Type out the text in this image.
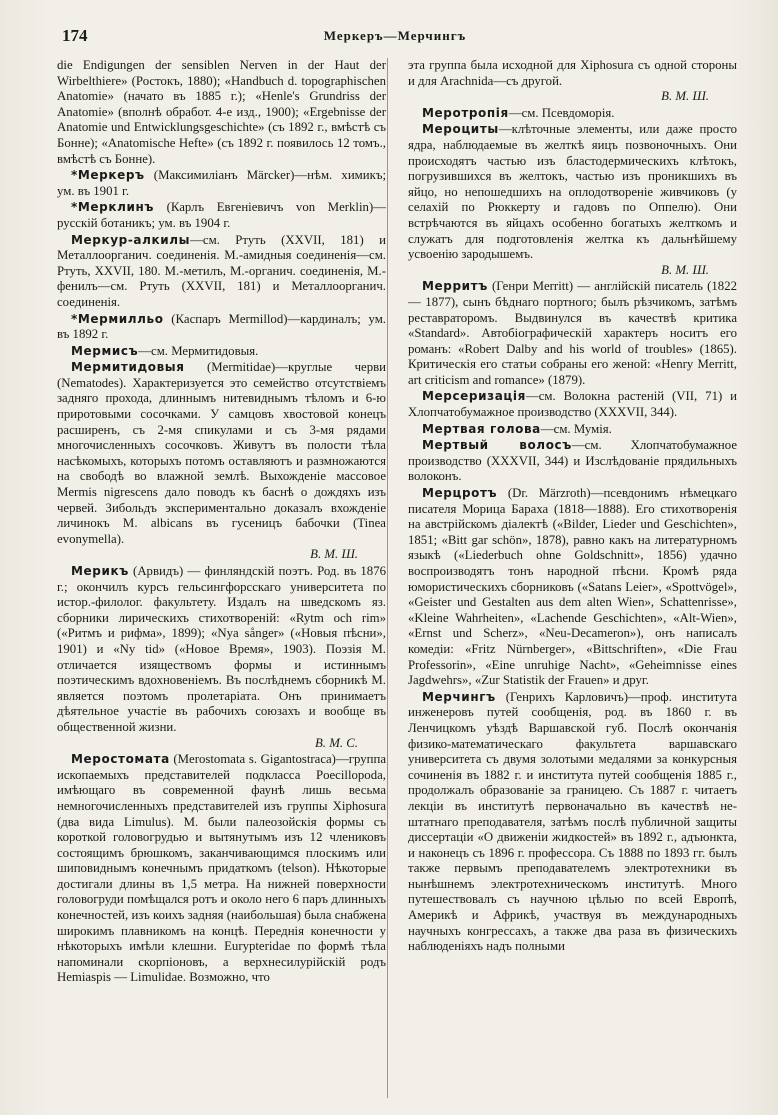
174	Меркеръ—Мерчингъ
die Endigungen der sensiblen Nerven in der Haut der Wirbelthiere» (Ростокъ, 1880); «Handbuch d. topographischen Anatomie» (начато въ 1885 г.); «Henle's Grundriss der Anatomie» (вполнѣ обработ. 4-е изд., 1900); «Ergebnisse der Anatomie und Entwicklungsgeschichte» (съ 1892 г., вмѣстѣ съ Бонне); «Anatomische Hefte» (съ 1892 г. появилось 12 томъ., вмѣстѣ съ Бонне).
*Меркеръ (Максимиліанъ Märcker)—нѣм. химикъ; ум. въ 1901 г.
*Мерклинъ (Карлъ Евгеніевичъ von Merklin)—русскій ботаникъ; ум. въ 1904 г.
Меркур-алкилы—см. Ртуть (XXVII, 181) и Металлоорганич. соединенія. М.-амидныя соединенія—см. Ртуть, XXVII, 180. М.-метилъ, М.-органич. соединенія, М.-фенилъ—см. Ртуть (XXVII, 181) и Металлоорганич. соединенія.
*Мермилльо (Каспаръ Mermillod)—кардиналъ; ум. въ 1892 г.
Мермисъ—см. Мермитидовыя.
Мермитидовыя (Mermitidae)—круглые черви (Nematodes). Характеризуется это семейство отсутствіемъ задняго прохода, длиннымъ нитевиднымъ тѣломъ и 6-ю приротовыми сосочками. У самцовъ хвостовой конецъ расширенъ, съ 2-мя спикулами и съ 3-мя рядами многочисленныхъ сосочковъ. Живутъ въ полости тѣла насѣкомыхъ, которыхъ потомъ оставляютъ и размножаются на свободѣ во влажной землѣ. Выхожденіе массовое Mermis nigrescens дало поводъ къ баснѣ о дождяхъ изъ червей. Зибольдъ экспериментально доказалъ вхожденіе личинокъ М. albicans въ гусеницъ бабочки (Tinea evonymella).
В. М. Ш.
Мерикъ (Арвидъ) — финляндскій поэтъ. Род. въ 1876 г.; окончилъ курсъ гельсингфорсскаго университета по истор.-филолог. факультету. Издалъ на шведскомъ яз. сборники лирическихъ стихотвореній: «Rytm och rim» («Ритмъ и рифма», 1899); «Nya sånger» («Новыя пѣсни», 1901) и «Ny tid» («Новое Время», 1903). Поэзія М. отличается изяществомъ формы и истиннымъ поэтическимъ вдохновеніемъ. Въ послѣднемъ сборникѣ М. является поэтомъ пролетаріата. Онъ принимаетъ дѣятельное участіе въ рабочихъ союзахъ и вообще въ общественной жизни.
В. М. С.
Меростомата (Merostomata s. Gigantostraca)—группа ископаемыхъ представителей подкласса Poecillopoda, имѣющаго въ современной фаунѣ лишь весьма немногочисленныхъ представителей изъ группы Xiphosura (два вида Limulus). М. были палеозойскія формы съ короткой головогрудью и вытянутымъ изъ 12 члениковъ состоящимъ брюшкомъ, заканчивающимся плоскимъ или шиповиднымъ конечнымъ придаткомъ (telson). Нѣкоторые достигали длины въ 1,5 метра. На нижней поверхности головогруди помѣщался ротъ и около него 6 паръ длинныхъ конечностей, изъ коихъ задняя (наибольшая) была снабжена широкимъ плавникомъ на концѣ. Переднія конечности у нѣкоторыхъ имѣли клешни. Eurypteridae по формѣ тѣла напоминали скорпіоновъ, а верхнесилурійскій родъ Hemiaspis — Limulidae. Возможно, что
эта группа была исходной для Xiphosura съ одной стороны и для Arachnida—съ другой.
В. М. Ш.
Меротропія—см. Псевдоморія.
Мероциты—клѣточные элементы, или даже просто ядра, наблюдаемые въ желткѣ яицъ позвоночныхъ. Они происходятъ частью изъ бластодермическихъ клѣтокъ, погрузившихся въ желтокъ, частью изъ проникшихъ въ яйцо, но непошедшихъ на оплодотвореніе живчиковъ (у селахій по Рюккерту и гадовъ по Оппелю). Они встрѣчаются въ яйцахъ особенно богатыхъ желткомъ и служатъ для подготовленія желтка къ дальнѣйшему усвоенію зародышемъ.
В. М. Ш.
Мерритъ (Генри Merritt) — англійскій писатель (1822 — 1877), сынъ бѣднаго портного; былъ рѣзчикомъ, затѣмъ реставраторомъ. Выдвинулся въ качествѣ критика «Standard». Автобіографическій характеръ носитъ его романъ: «Robert Dalby and his world of troubles» (1865). Критическія его статьи собраны его женой: «Henry Merritt, art criticism and romance» (1879).
Мерсеризація—см. Волокна растеній (VII, 71) и Хлопчатобумажное производство (XXXVII, 344).
Мертвая голова—см. Мумія.
Мертвый волосъ—см. Хлопчатобумажное производство (XXXVII, 344) и Изслѣдованіе прядильныхъ волоконъ.
Мерцротъ (Dr. Märzroth)—псевдонимъ нѣмецкаго писателя Морица Бараха (1818—1888). Его стихотворенія на австрійскомъ діалектѣ («Bilder, Lieder und Geschichten», 1851; «Bitt gar schön», 1878), равно какъ на литературномъ языкѣ («Liederbuch ohne Goldschnitt», 1856) удачно воспроизводятъ тонъ народной пѣсни. Кромѣ ряда юмористическихъ сборниковъ («Satans Leier», «Spottvögel», «Geister und Gestalten aus dem alten Wien», Schattenrisse», «Kleine Wahrheiten», «Lachende Geschichten», «Alt-Wien», «Ernst und Scherz», «Neu-Decameron»), онъ написалъ комедіи: «Fritz Nürnberger», «Bittschriften», «Die Frau Professorin», «Eine unruhige Nacht», «Geheimnisse eines Jagdwehrs», «Zur Statistik der Frauen» и друг.
Мерчингъ (Генрихъ Карловичъ)—проф. института инженеровъ путей сообщенія, род. въ 1860 г. въ Ленчицкомъ уѣздѣ Варшавской губ. Послѣ окончанія физико-математическаго факультета варшавскаго университета съ двумя золотыми медалями за конкурсныя сочиненія въ 1882 г. и института путей сообщенія 1885 г., продолжалъ образованіе за границею. Съ 1887 г. читаетъ лекціи въ институтѣ первоначально въ качествѣ не-штатнаго преподавателя, затѣмъ послѣ публичной защиты диссертаціи «О движеніи жидкостей» въ 1892 г., адъюнкта, и наконецъ съ 1896 г. профессора. Съ 1888 по 1893 гг. былъ также первымъ преподавателемъ электротехники въ нынѣшнемъ электротехническомъ институтѣ. Много путешествовалъ съ научною цѣлью по всей Европѣ, Америкѣ и Африкѣ, участвуя въ международныхъ научныхъ конгрессахъ, а также два раза въ физическихъ наблюденіяхъ надъ полными
